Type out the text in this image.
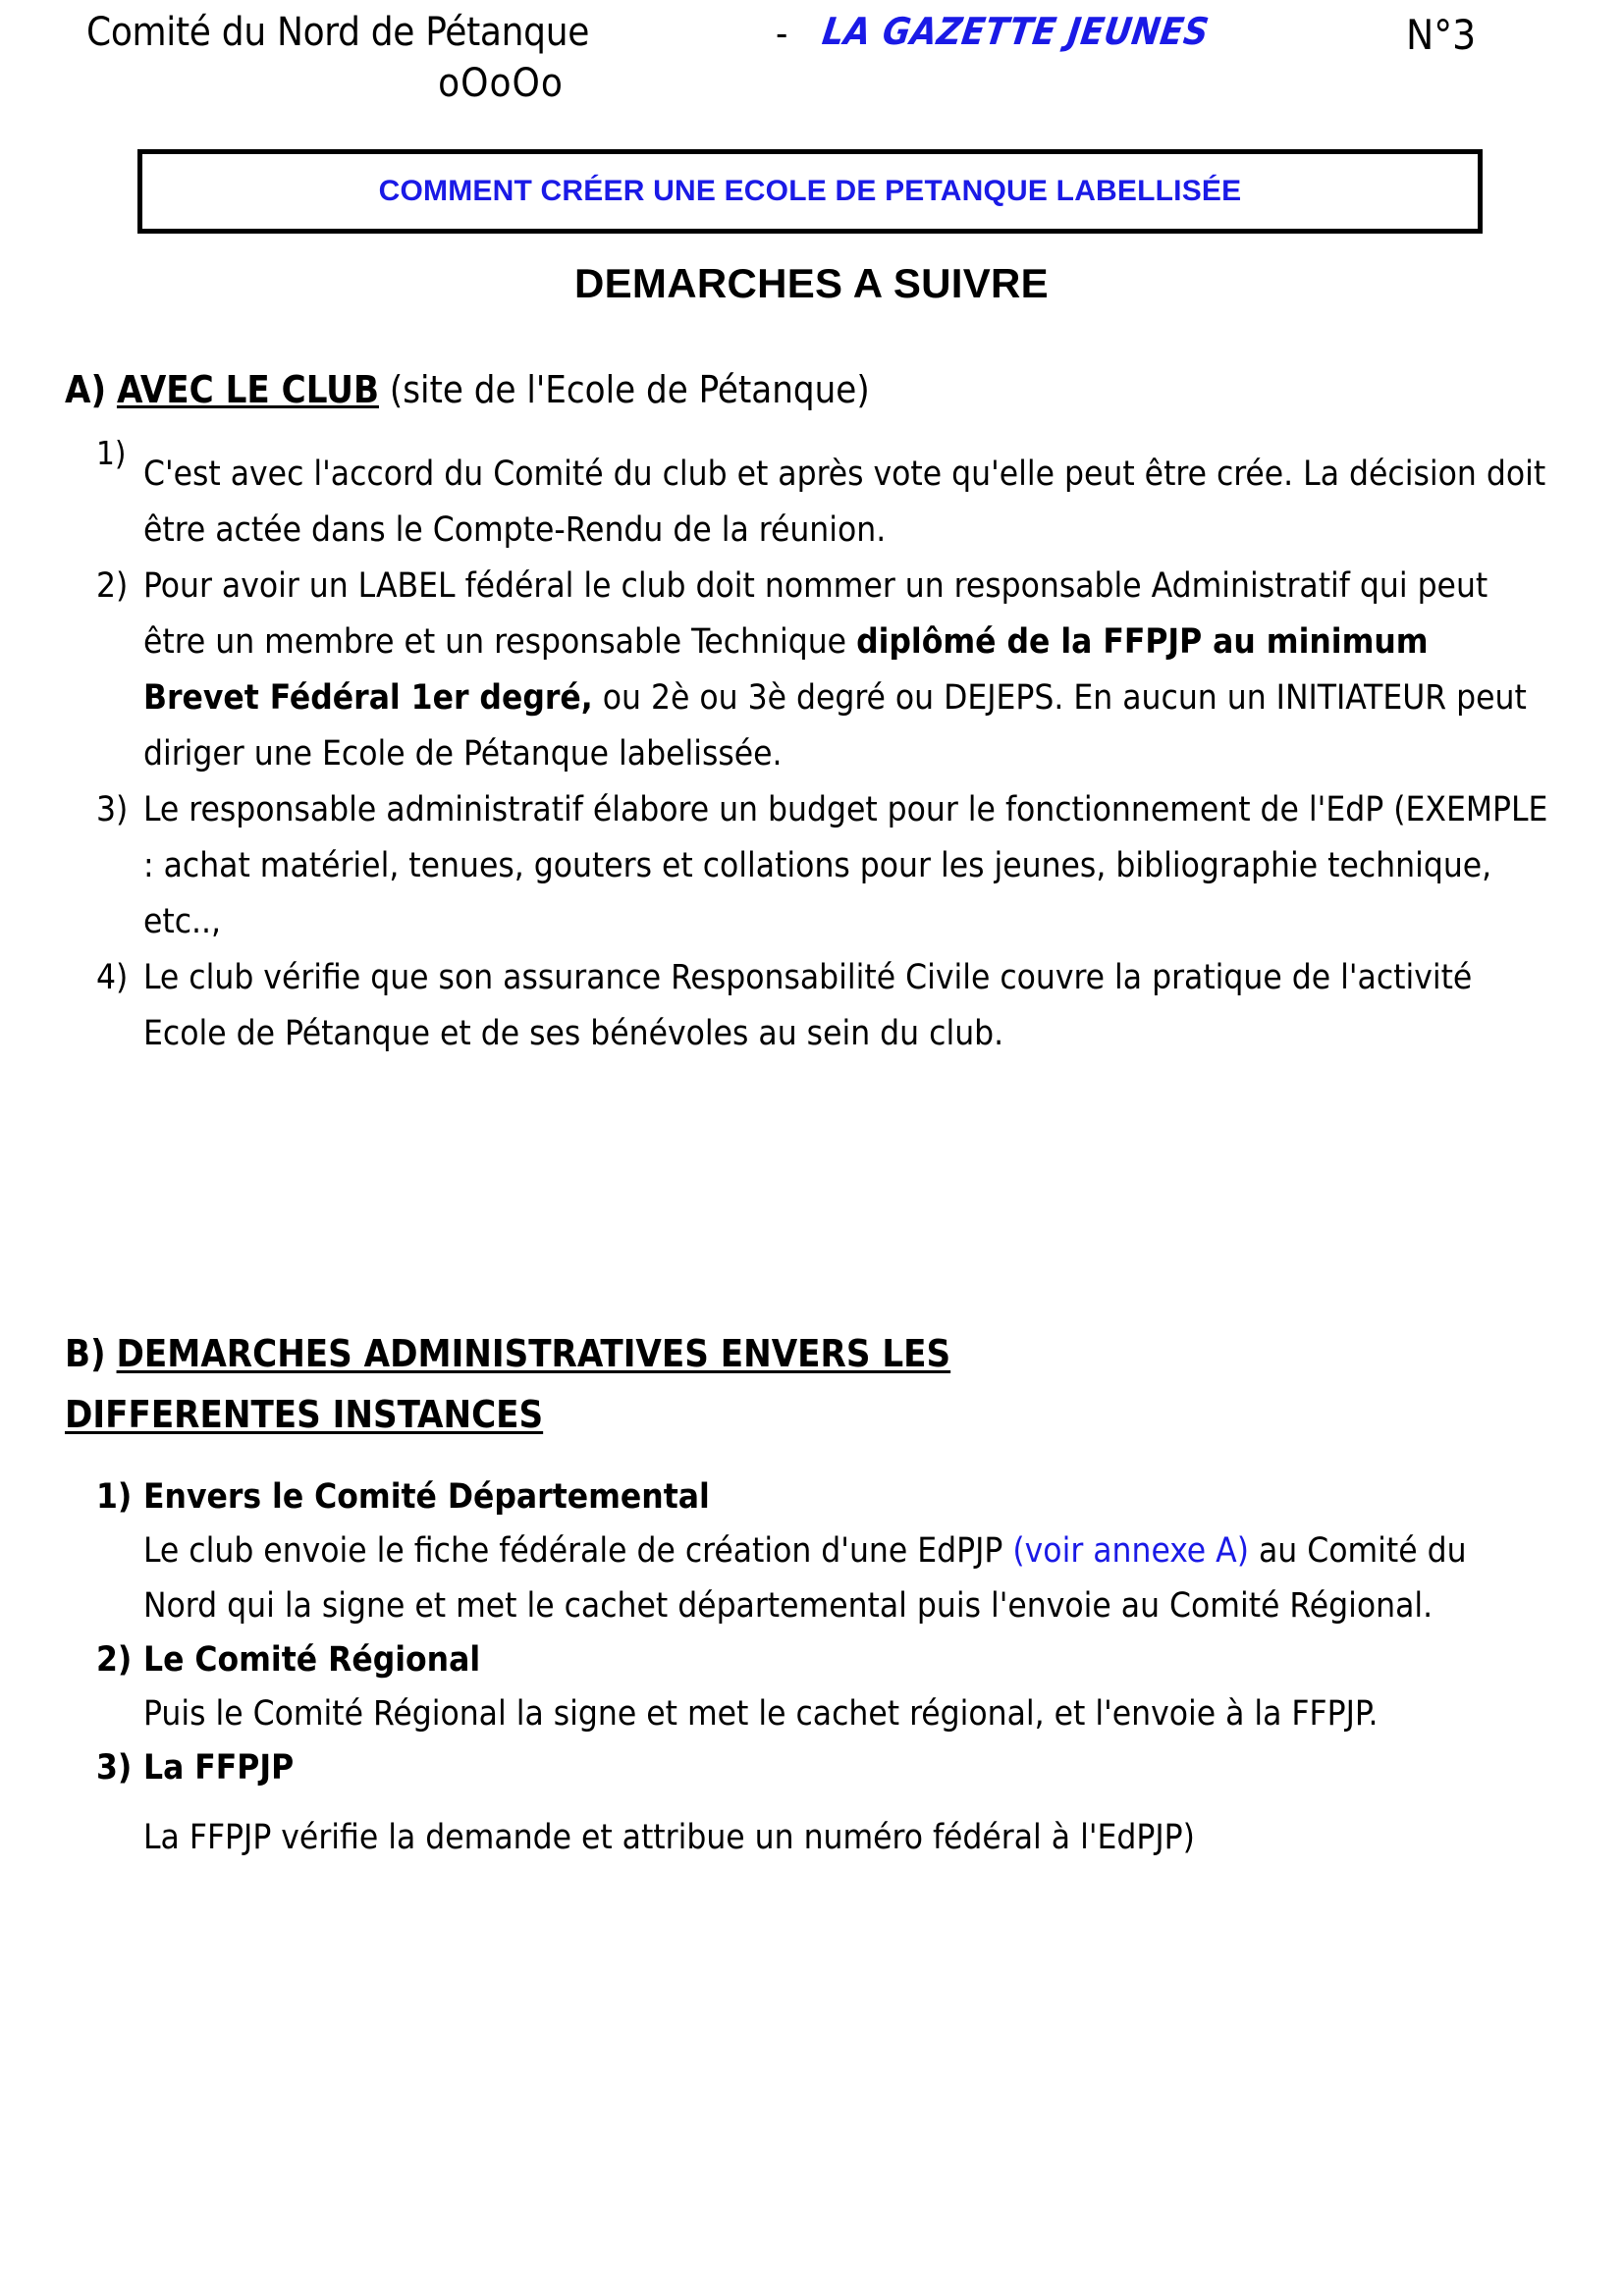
Comité du Nord de Pétanque	- LA GAZETTE JEUNES	N°3
oOoOo
COMMENT CRÉER UNE ECOLE DE PETANQUE LABELLISÉE
DEMARCHES A SUIVRE
A) AVEC LE CLUB (site de l'Ecole de Pétanque)
1)
C'est avec l'accord du Comité du club et après vote qu'elle peut être crée. La décision doit être actée dans le Compte-Rendu de la réunion.
2) Pour avoir un LABEL fédéral le club doit nommer un responsable Administratif qui peut être un membre et un responsable Technique diplômé de la FFPJP au minimum Brevet Fédéral 1er degré, ou 2è ou 3è degré ou DEJEPS. En aucun un INITIATEUR peut diriger une Ecole de Pétanque labelissée.
3) Le responsable administratif élabore un budget pour le fonctionnement de l'EdP (EXEMPLE : achat matériel, tenues, gouters et collations pour les jeunes, bibliographie technique, etc..,
4) Le club vérifie que son assurance Responsabilité Civile couvre la pratique de l'activité Ecole de Pétanque et de ses bénévoles au sein du club.
B) DEMARCHES ADMINISTRATIVES ENVERS LES
DIFFERENTES INSTANCES
1) Envers le Comité Départemental
Le club envoie le fiche fédérale de création d'une EdPJP (voir annexe A) au Comité du Nord qui la signe et met le cachet départemental puis l'envoie au Comité Régional.
2) Le Comité Régional
Puis le Comité Régional la signe et met le cachet régional, et l'envoie à la FFPJP.
3) La FFPJP
La FFPJP vérifie la demande et attribue un numéro fédéral à l'EdPJP)
